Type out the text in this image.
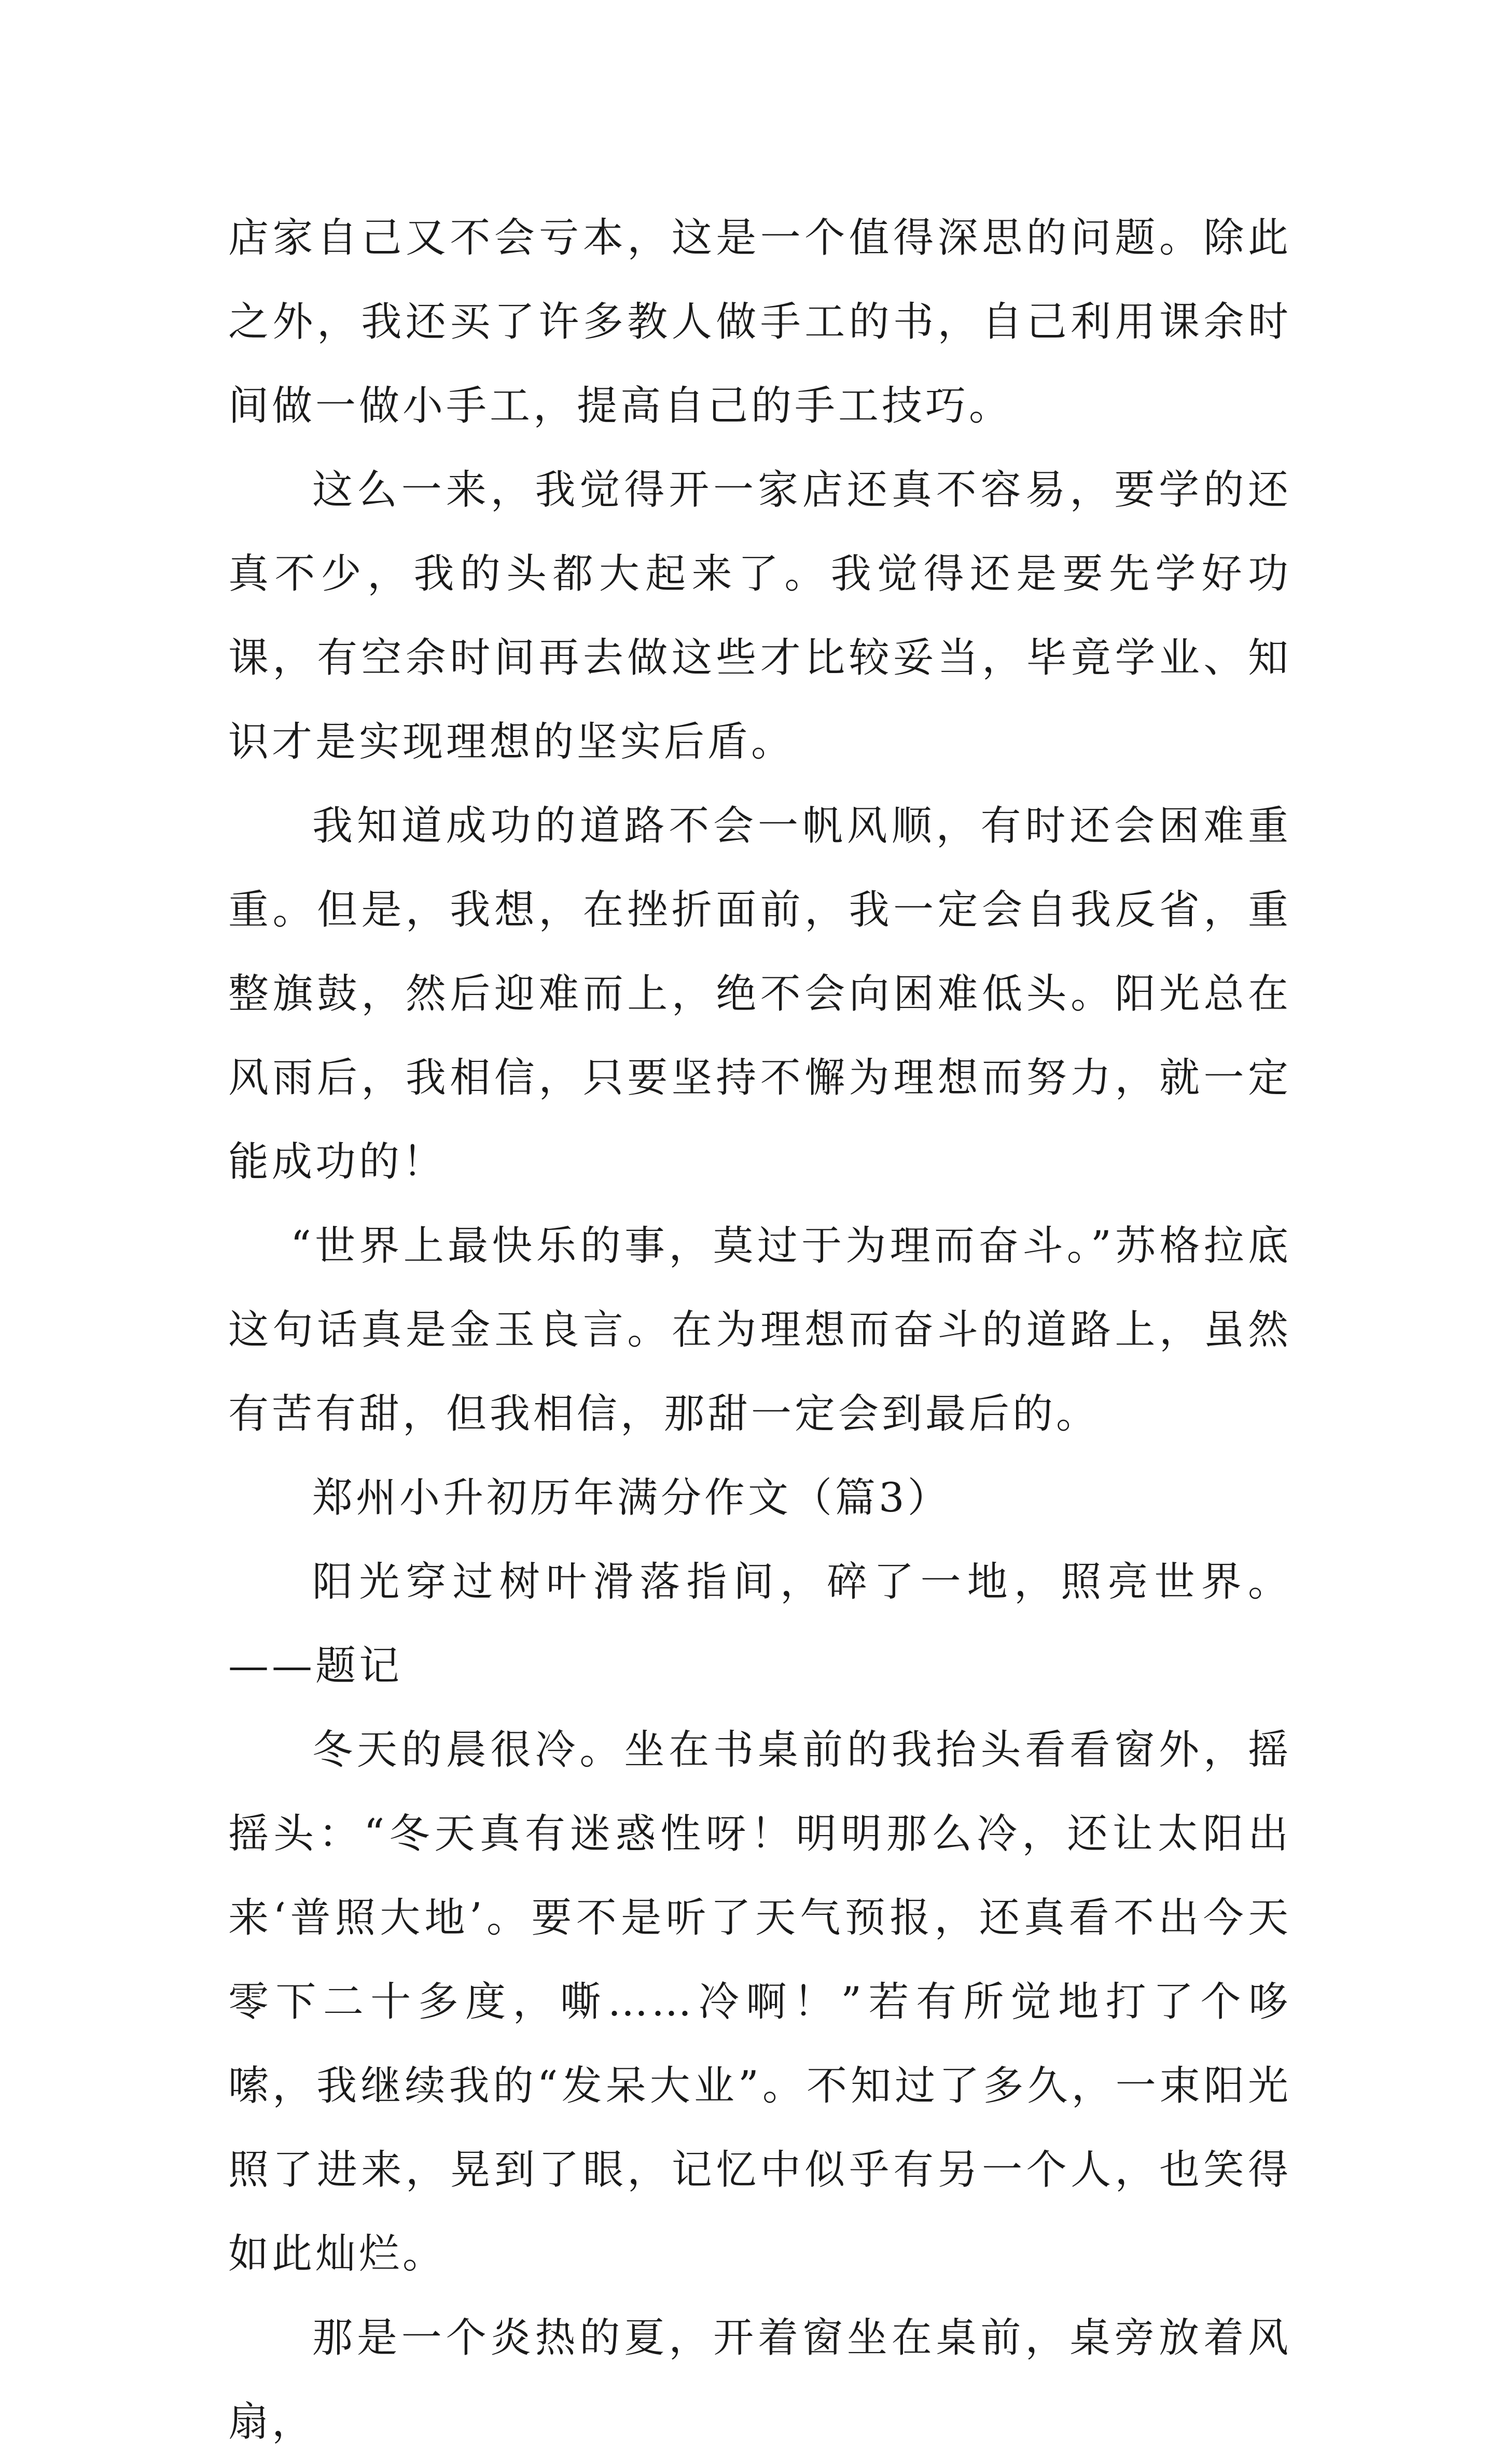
店家自己又不会亏本，这是一个值得深思的问题。除此之外，我还买了许多教人做手工的书，自己利用课余时间做一做小手工，提高自己的手工技巧。

这么一来，我觉得开一家店还真不容易，要学的还真不少，我的头都大起来了。我觉得还是要先学好功课，有空余时间再去做这些才比较妥当，毕竟学业、知识才是实现理想的坚实后盾。

我知道成功的道路不会一帆风顺，有时还会困难重重。但是，我想，在挫折面前，我一定会自我反省，重整旗鼓，然后迎难而上，绝不会向困难低头。阳光总在风雨后，我相信，只要坚持不懈为理想而努力，就一定能成功的！

“世界上最快乐的事，莫过于为理而奋斗。”苏格拉底这句话真是金玉良言。在为理想而奋斗的道路上，虽然有苦有甜，但我相信，那甜一定会到最后的。

郑州小升初历年满分作文（篇3）

阳光穿过树叶滑落指间，碎了一地，照亮世界。——题记

冬天的晨很冷。坐在书桌前的我抬头看看窗外，摇摇头：“冬天真有迷惑性呀！明明那么冷，还让太阳出来‘普照大地’。要不是听了天气预报，还真看不出今天零下二十多度，嘶……冷啊！”若有所觉地打了个哆嗦，我继续我的“发呆大业”。不知过了多久，一束阳光照了进来，晃到了眼，记忆中似乎有另一个人，也笑得如此灿烂。

那是一个炎热的夏，开着窗坐在桌前，桌旁放着风扇，
